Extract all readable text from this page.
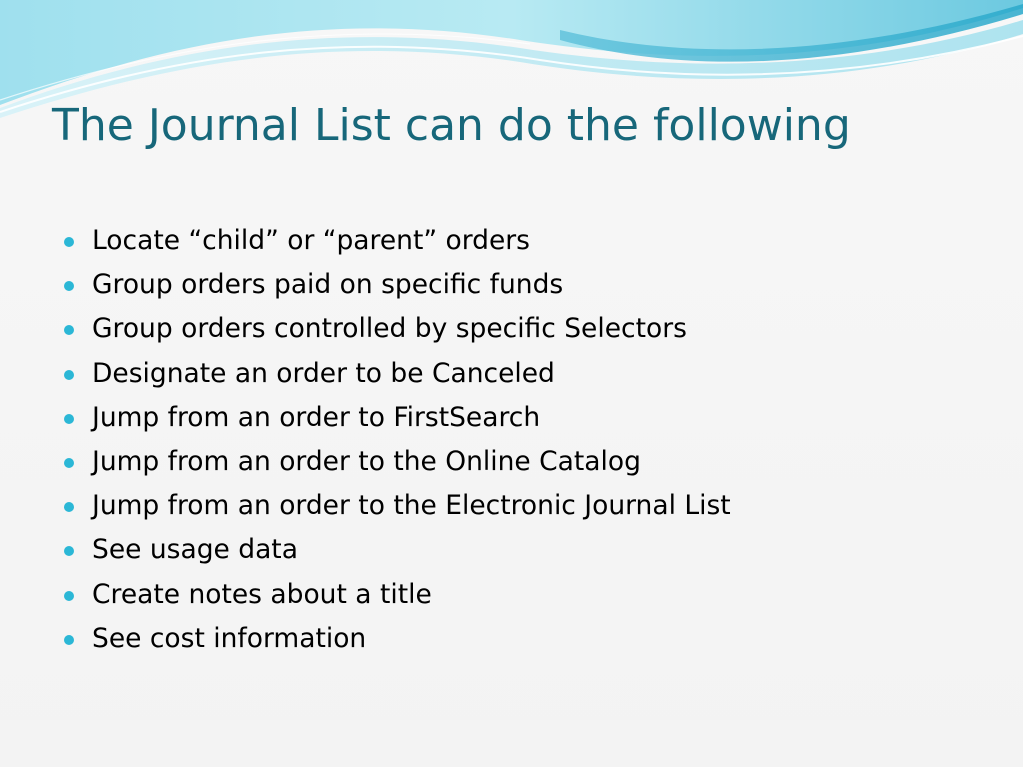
The Journal List can do the following
Locate “child” or “parent” orders
Group orders paid on specific funds
Group orders controlled by specific Selectors
Designate an order to be Canceled
Jump from an order to FirstSearch
Jump from an order to the Online Catalog
Jump from an order to the Electronic Journal List
See usage data
Create notes about a title
See cost information
